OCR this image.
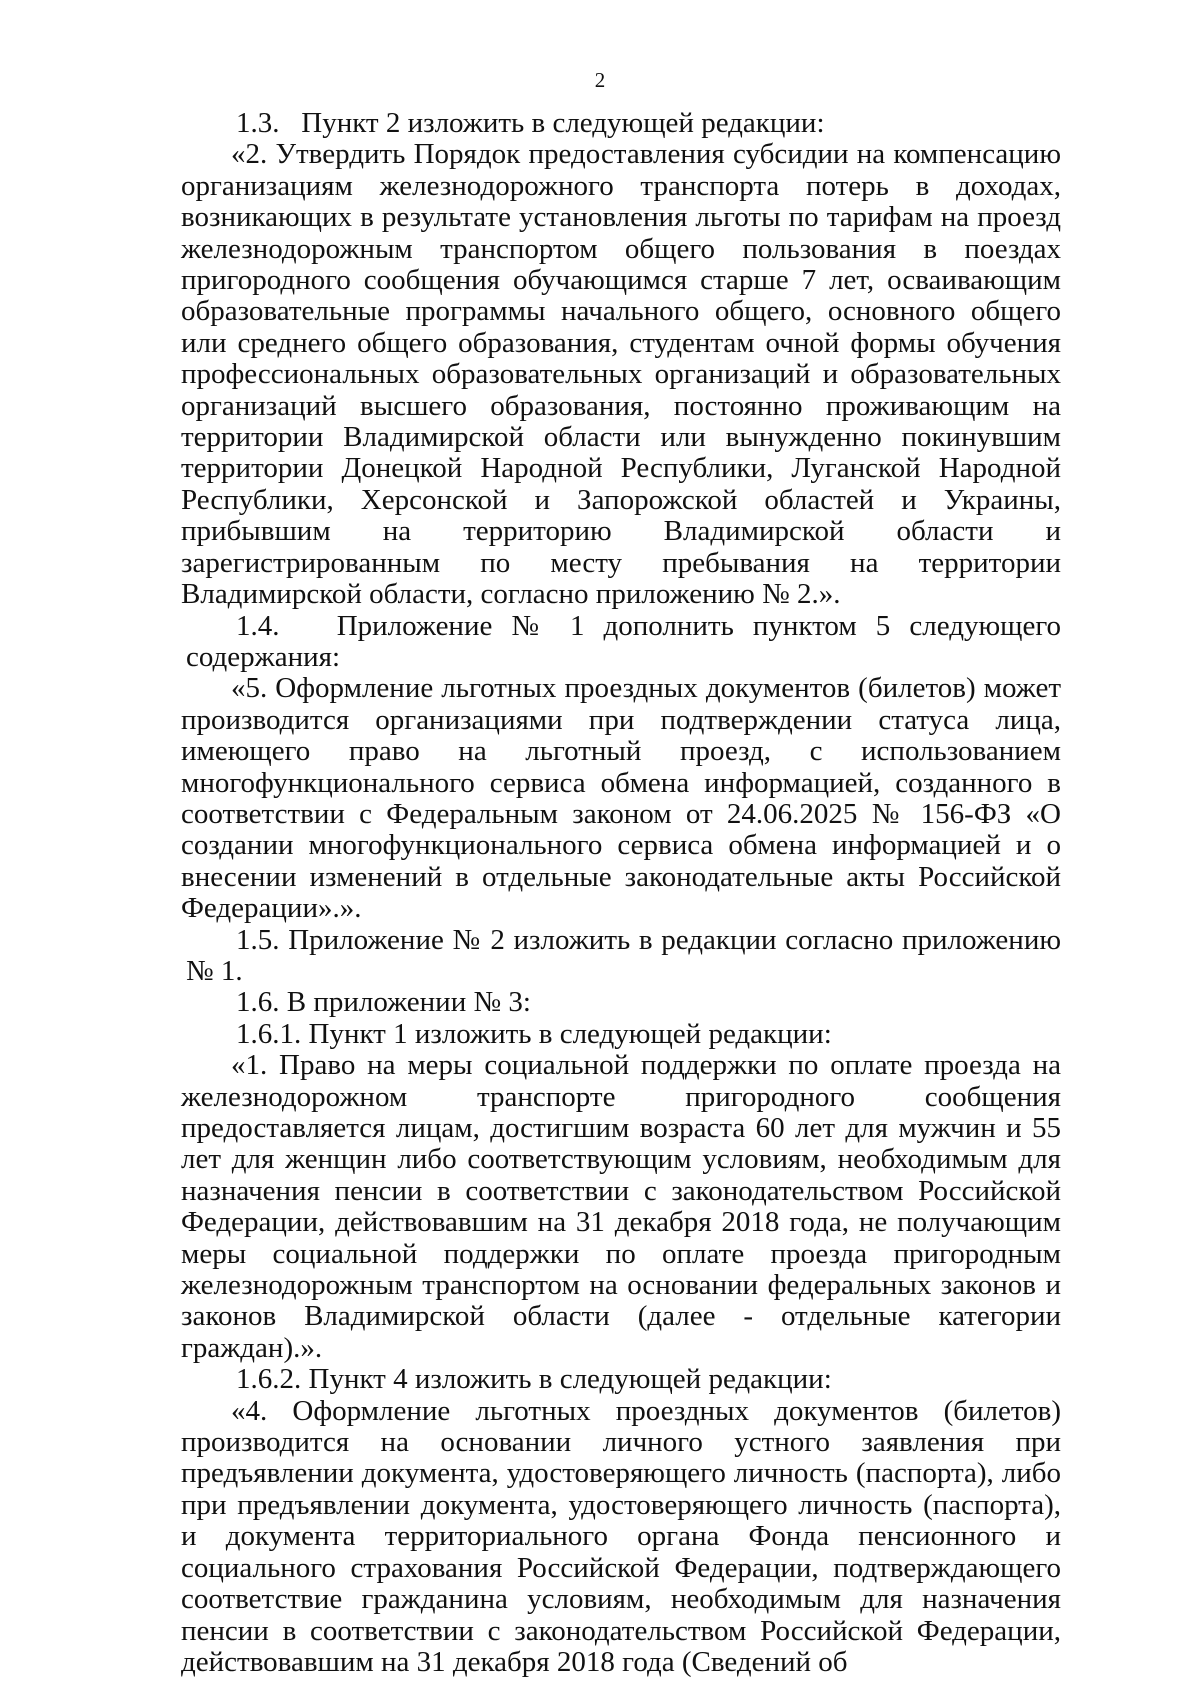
2

1.3.   Пункт 2 изложить в следующей редакции:

«2. Утвердить Порядок предоставления субсидии на компенсацию организациям железнодорожного транспорта потерь в доходах, возникающих в результате установления льготы по тарифам на проезд железнодорожным транспортом общего пользования в поездах пригородного сообщения обучающимся старше 7 лет, осваивающим образовательные программы начального общего, основного общего или среднего общего образования, студентам очной формы обучения профессиональных образовательных организаций и образовательных организаций высшего образования, постоянно проживающим на территории Владимирской области или вынужденно покинувшим территории Донецкой Народной Республики, Луганской Народной Республики, Херсонской и Запорожской областей и Украины, прибывшим на территорию Владимирской области и зарегистрированным по месту пребывания на территории Владимирской области, согласно приложению № 2.».

1.4.   Приложение № 1 дополнить пунктом 5 следующего содержания:

«5. Оформление льготных проездных документов (билетов) может производится организациями при подтверждении статуса лица, имеющего право на льготный проезд, с использованием многофункционального сервиса обмена информацией, созданного в соответствии с Федеральным законом от 24.06.2025 № 156-ФЗ «О создании многофункционального сервиса обмена информацией и о внесении изменений в отдельные законодательные акты Российской Федерации».».

1.5. Приложение № 2 изложить в редакции согласно приложению № 1.

1.6. В приложении № 3:

1.6.1. Пункт 1 изложить в следующей редакции:

«1. Право на меры социальной поддержки по оплате проезда на железнодорожном транспорте пригородного сообщения предоставляется лицам, достигшим возраста 60 лет для мужчин и 55 лет для женщин либо соответствующим условиям, необходимым для назначения пенсии в соответствии с законодательством Российской Федерации, действовавшим на 31 декабря 2018 года, не получающим меры социальной поддержки по оплате проезда пригородным железнодорожным транспортом на основании федеральных законов и законов Владимирской области (далее - отдельные категории граждан).».

1.6.2. Пункт 4 изложить в следующей редакции:

«4. Оформление льготных проездных документов (билетов) производится на основании личного устного заявления при предъявлении документа, удостоверяющего личность (паспорта), либо при предъявлении документа, удостоверяющего личность (паспорта), и документа территориального органа Фонда пенсионного и социального страхования Российской Федерации, подтверждающего соответствие гражданина условиям, необходимым для назначения пенсии в соответствии с законодательством Российской Федерации, действовавшим на 31 декабря 2018 года (Сведений об
